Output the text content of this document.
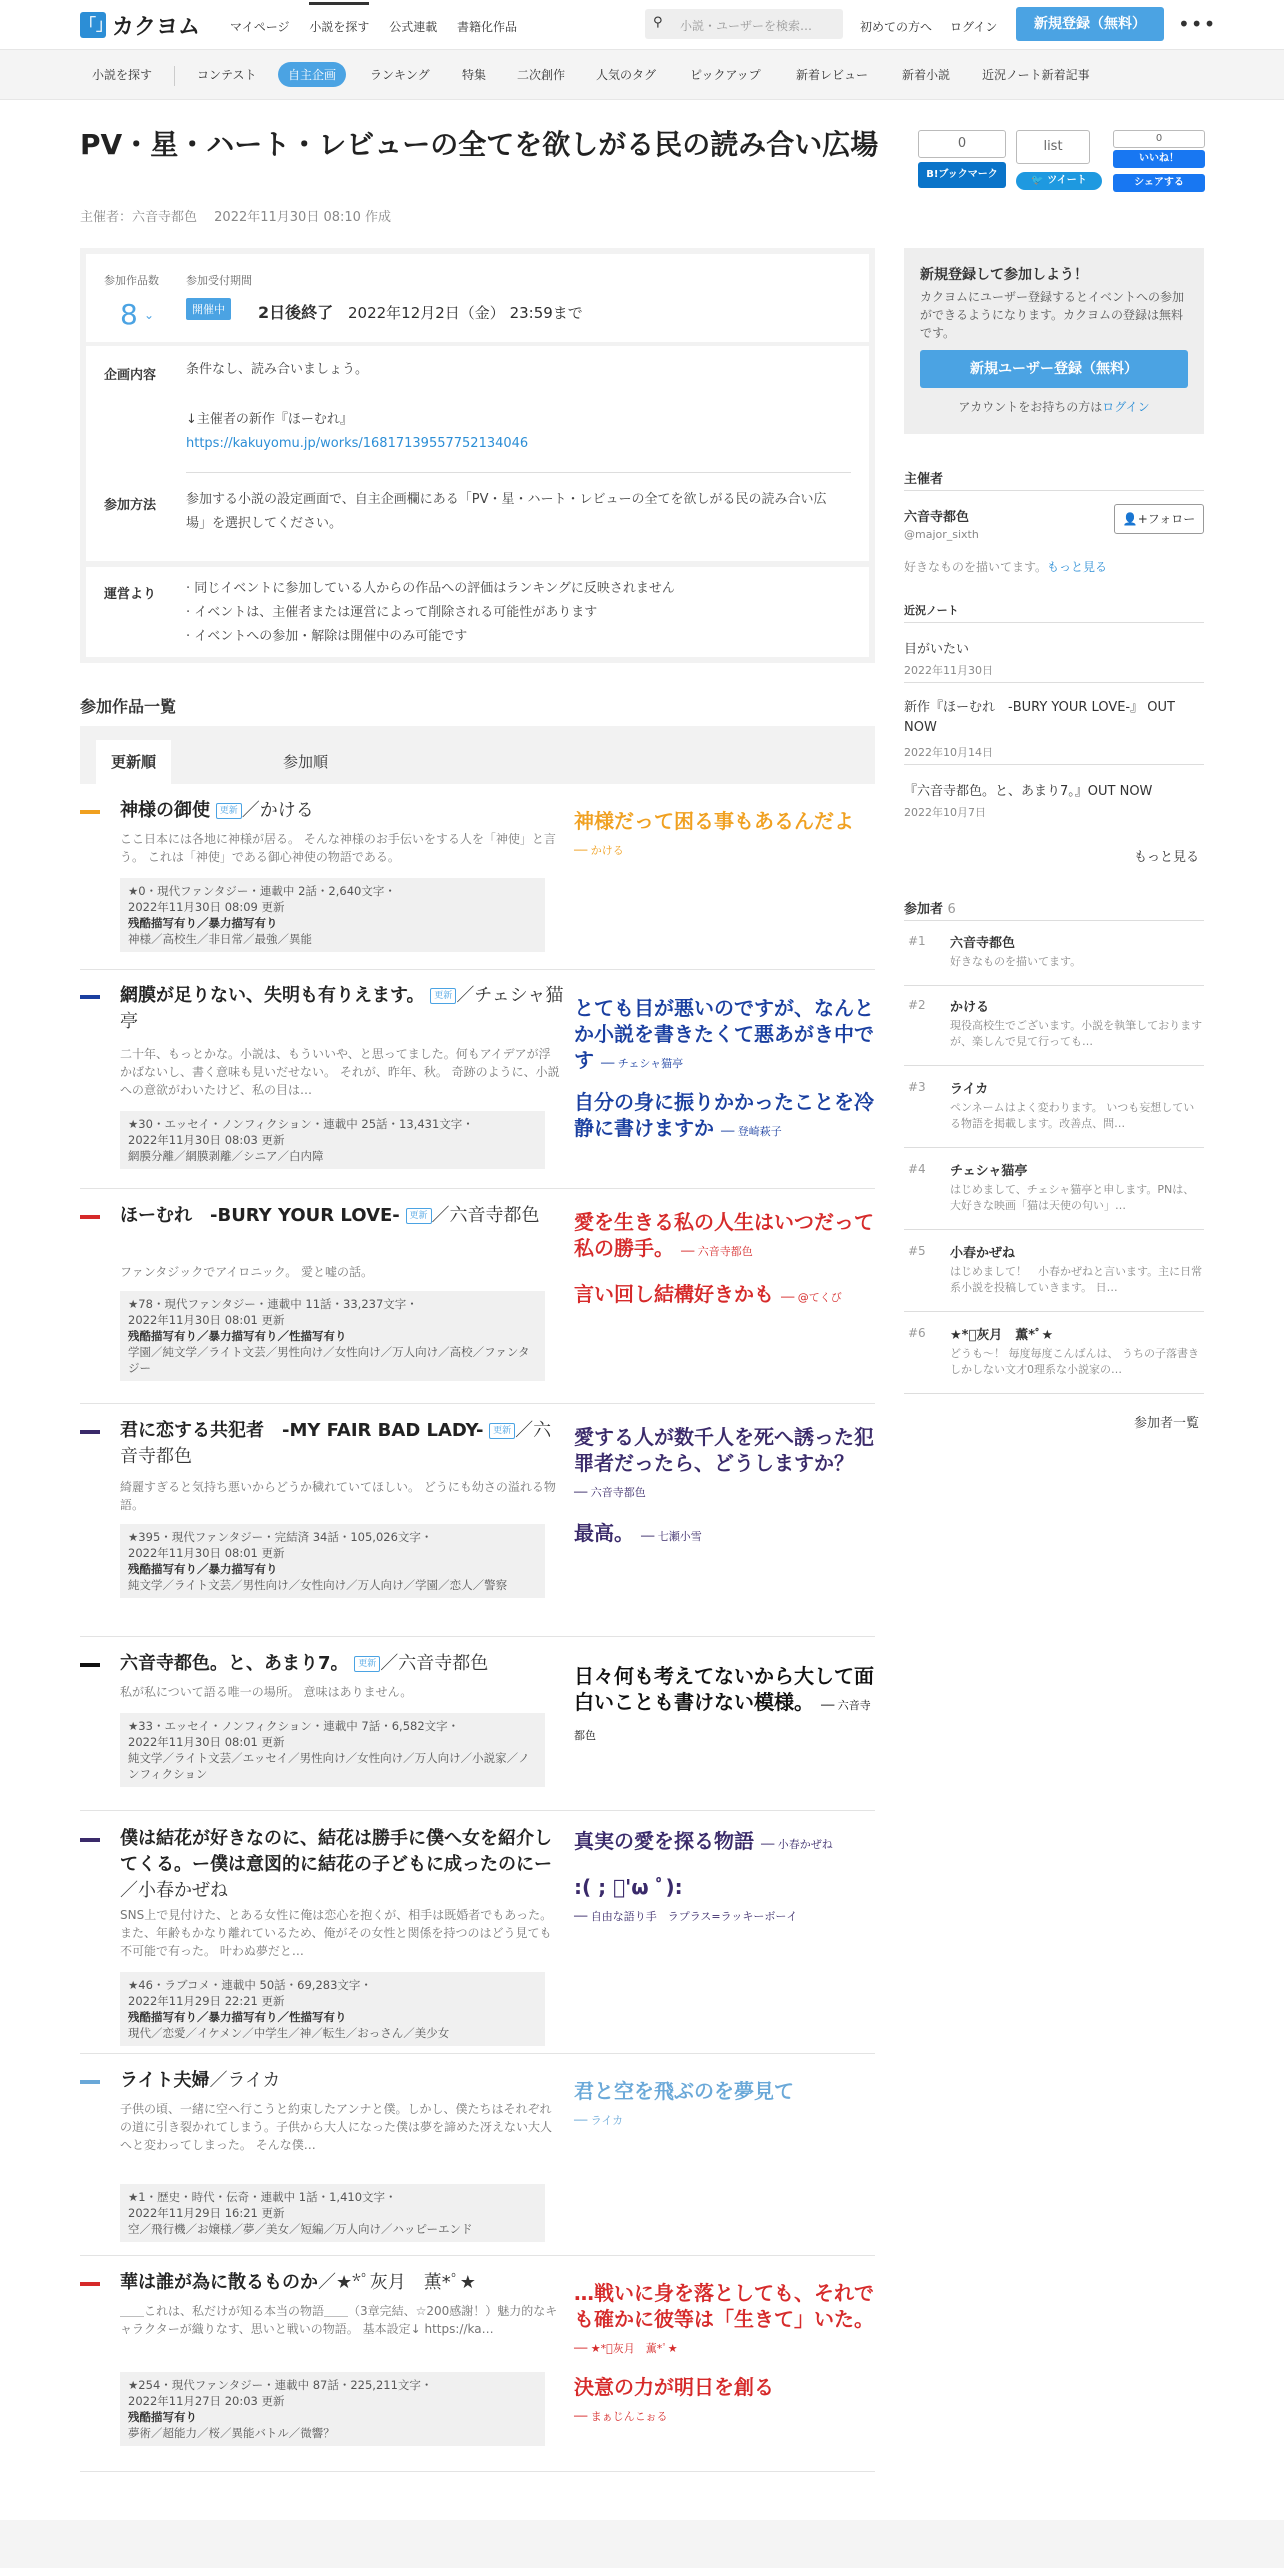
「」 カクヨム マイページ 小説を探す 公式連載 書籍化作品	⚲ 小説・ユーザーを検索…	初めての方へ ログイン	新規登録（無料）	•••
小説を探す	コンテスト	自主企画	ランキング	特集	二次創作	人気のタグ	ピックアップ	新着レビュー	新着小説	近況ノート新着記事
PV・星・ハート・レビューの全てを欲しがる民の読み合い広場
主催者：六音寺都色　 2022年11月30日 08:10 作成
0
B!ブックマーク
list
🐦 ツイート
0
いいね！
シェアする
参加作品数
8 ⌄
参加受付期間
開催中	2日後終了 2022年12月2日（金） 23:59まで
企画内容 条件なし、読み合いましょう。
↓主催者の新作『ほーむれ』
https://kakuyomu.jp/works/16817139557752134046
参加方法 参加する小説の設定画面で、自主企画欄にある「PV・星・ハート・レビューの全てを欲しがる民の読み合い広場」を選択してください。
運営より · 同じイベントに参加している人からの作品への評価はランキングに反映されません
· イベントは、主催者または運営によって削除される可能性があります
· イベントへの参加・解除は開催中のみ可能です
参加作品一覧
更新順	参加順
神様の御使 更新 ／かける
ここ日本には各地に神様が居る。 そんな神様のお手伝いをする人を「神使」と言う。 これは「神使」である御心神使の物語である。
★0・現代ファンタジー・連載中 2話・2,640文字・
2022年11月30日 08:09 更新
残酷描写有り／暴力描写有り
神様／高校生／非日常／最強／異能
神様だって困る事もあるんだよ ── かける
網膜が足りない、失明も有りえます。 更新 ／チェシャ猫亭
二十年、もっとかな。小説は、もういいや、と思ってました。何もアイデアが浮かばないし、書く意味も見いだせない。 それが、昨年、秋。 奇跡のように、小説への意欲がわいたけど、私の目は…
★30・エッセイ・ノンフィクション・連載中 25話・13,431文字・
2022年11月30日 08:03 更新
網膜分離／網膜剥離／シニア／白内障
とても目が悪いのですが、なんとか小説を書きたくて悪あがき中です ── チェシャ猫亭
自分の身に振りかかったことを冷静に書けますか ── 登崎萩子
ほーむれ　-BURY YOUR LOVE- 更新 ／六音寺都色
ファンタジックでアイロニック。 愛と嘘の話。
★78・現代ファンタジー・連載中 11話・33,237文字・
2022年11月30日 08:01 更新
残酷描写有り／暴力描写有り／性描写有り
学園／純文学／ライト文芸／男性向け／女性向け／万人向け／高校／ファンタジー
愛を生きる私の人生はいつだって私の勝手。 ── 六音寺都色
言い回し結構好きかも ── @てくび
君に恋する共犯者　-MY FAIR BAD LADY- 更新 ／六音寺都色
綺麗すぎると気持ち悪いからどうか穢れていてほしい。 どうにも幼さの溢れる物語。
★395・現代ファンタジー・完結済 34話・105,026文字・
2022年11月30日 08:01 更新
残酷描写有り／暴力描写有り
純文学／ライト文芸／男性向け／女性向け／万人向け／学園／恋人／警察
愛する人が数千人を死へ誘った犯罪者だったら、どうしますか？ ── 六音寺都色
最高。 ── 七瀬小雪
六音寺都色。と、あまり7。 更新 ／六音寺都色
私が私について語る唯一の場所。 意味はありません。
★33・エッセイ・ノンフィクション・連載中 7話・6,582文字・
2022年11月30日 08:01 更新
純文学／ライト文芸／エッセイ／男性向け／女性向け／万人向け／小説家／ノンフィクション
日々何も考えてないから大して面白いことも書けない模様。 ── 六音寺都色
僕は結花が好きなのに、結花は勝手に僕へ女を紹介してくる。ー僕は意図的に結花の子どもに成ったのにー／小春かぜね
SNS上で見付けた、とある女性に俺は恋心を抱くが、相手は既婚者でもあった。 また、年齢もかなり離れているため、俺がその女性と関係を持つのはどう見ても不可能で有った。 叶わぬ夢だと…
★46・ラブコメ・連載中 50話・69,283文字・
2022年11月29日 22:21 更新
残酷描写有り／暴力描写有り／性描写有り
現代／恋愛／イケメン／中学生／神／転生／おっさん／美少女
真実の愛を探る物語 ── 小春かぜね
:( ; ﾟ'ω ﾟ):
── 自由な語り手　ラプラス=ラッキーボーイ
ライト夫婦／ライカ
子供の頃、一緒に空へ行こうと約束したアンナと僕。しかし、僕たちはそれぞれの道に引き裂かれてしまう。子供から大人になった僕は夢を諦めた冴えない大人へと変わってしまった。 そんな僕…
★1・歴史・時代・伝奇・連載中 1話・1,410文字・
2022年11月29日 16:21 更新
空／飛行機／お嬢様／夢／美女／短編／万人向け／ハッピーエンド
君と空を飛ぶのを夢見て
── ライカ
華は誰が為に散るものか／★*ﾟ灰月　薫*ﾟ★
＿＿これは、私だけが知る本当の物語＿＿（3章完結、☆200感謝！）魅力的なキャラクターが織りなす、思いと戦いの物語。 基本設定↓ https://ka…
★254・現代ファンタジー・連載中 87話・225,211文字・
2022年11月27日 20:03 更新
残酷描写有り
夢術／超能力／桜／異能バトル／微響？
…戦いに身を落としても、それでも確かに彼等は「生きて」いた。 ── ★*ﾟ灰月　薫*ﾟ★
決意の力が明日を創る
── まぁじんこぉる
新規登録して参加しよう！
カクヨムにユーザー登録するとイベントへの参加ができるようになります。カクヨムの登録は無料です。
新規ユーザー登録（無料）
アカウントをお持ちの方はログイン
主催者
六音寺都色
@major_sixth
👤+フォロー
好きなものを描いてます。もっと見る
近況ノート
目がいたい
2022年11月30日
新作『ほーむれ　-BURY YOUR LOVE-』 OUT NOW
2022年10月14日
『六音寺都色。と、あまり7。』OUT NOW
2022年10月7日
もっと見る
参加者 6
#1 六音寺都色
好きなものを描いてます。
#2 かける
現役高校生でございます。小説を執筆しておりますが、楽しんで見て行っても…
#3 ライカ
ペンネームはよく変わります。 いつも妄想している物語を掲載します。改善点、問…
#4 チェシャ猫亭
はじめまして、チェシャ猫亭と申します。PNは、大好きな映画「猫は天使の句い」…
#5 小春かぜね
はじめまして！　小春かぜねと言います。主に日常系小説を投稿していきます。 日…
#6 ★*ﾟ灰月　薫*ﾟ★
どうも〜！ 毎度毎度こんばんは、 うちの子落書きしかしない文才0理系な小説家の…
参加者一覧
